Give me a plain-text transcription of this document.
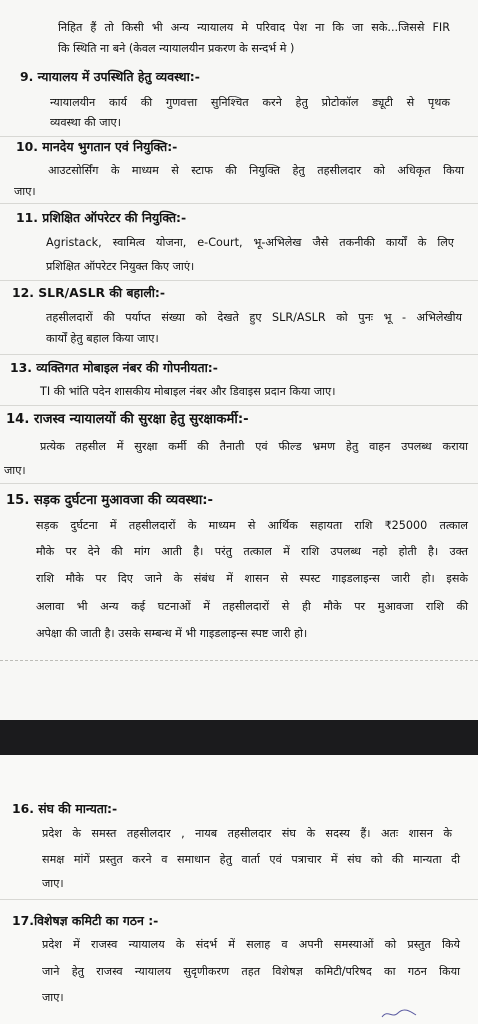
निहित हैं तो किसी भी अन्य न्यायालय मे परिवाद पेश ना कि जा सके...जिससे FIR
कि स्थिति ना बने (केवल न्यायालयीन प्रकरण के सन्दर्भ मे )
9. न्यायालय में उपस्थिति हेतु व्यवस्था:-
न्यायालयीन कार्य की गुणवत्ता सुनिश्चित करने हेतु प्रोटोकॉल ड्यूटी से पृथक
व्यवस्था की जाए।
10. मानदेय भुगतान एवं नियुक्ति:-
आउटसोर्सिंग के माध्यम से स्टाफ की नियुक्ति हेतु तहसीलदार को अधिकृत किया
जाए।
11. प्रशिक्षित ऑपरेटर की नियुक्ति:-
Agristack, स्वामित्व योजना, e-Court, भू-अभिलेख जैसे तकनीकी कार्यों के लिए
प्रशिक्षित ऑपरेटर नियुक्त किए जाएं।
12. SLR/ASLR की बहाली:-
तहसीलदारों की पर्याप्त संख्या को देखते हुए SLR/ASLR को पुनः भू - अभिलेखीय
कार्यों हेतु बहाल किया जाए।
13. व्यक्तिगत मोबाइल नंबर की गोपनीयता:-
TI की भांति पदेन शासकीय मोबाइल नंबर और डिवाइस प्रदान किया जाए।
14. राजस्व न्यायालयों की सुरक्षा हेतु सुरक्षाकर्मी:-
प्रत्येक तहसील में सुरक्षा कर्मी की तैनाती एवं फील्ड भ्रमण हेतु वाहन उपलब्ध कराया
जाए।
15. सड़क दुर्घटना मुआवजा की व्यवस्था:-
सड़क दुर्घटना में तहसीलदारों के माध्यम से आर्थिक सहायता राशि ₹25000 तत्काल
मौके पर देने की मांग आती है। परंतु तत्काल में राशि उपलब्ध नहो होती है। उक्त
राशि मौके पर दिए जाने के संबंध में शासन से स्पस्ट गाइडलाइन्स जारी हो। इसके
अलावा भी अन्य कई घटनाओं में तहसीलदारों से ही मौके पर मुआवजा राशि की
अपेक्षा की जाती है। उसके सम्बन्ध में भी गाइडलाइन्स स्पष्ट जारी हो।
16. संघ की मान्यता:-
प्रदेश के समस्त तहसीलदार , नायब तहसीलदार संघ के सदस्य हैं। अतः शासन के
समक्ष मांगें प्रस्तुत करने व समाधान हेतु वार्ता एवं पत्राचार में संघ को की मान्यता दी
जाए।
17.विशेषज्ञ कमिटी का गठन :-
प्रदेश में राजस्व न्यायालय के संदर्भ में सलाह व अपनी समस्याओं को प्रस्तुत किये
जाने हेतु राजस्व न्यायालय सुदृणीकरण तहत विशेषज्ञ कमिटी/परिषद का गठन किया
जाए।
